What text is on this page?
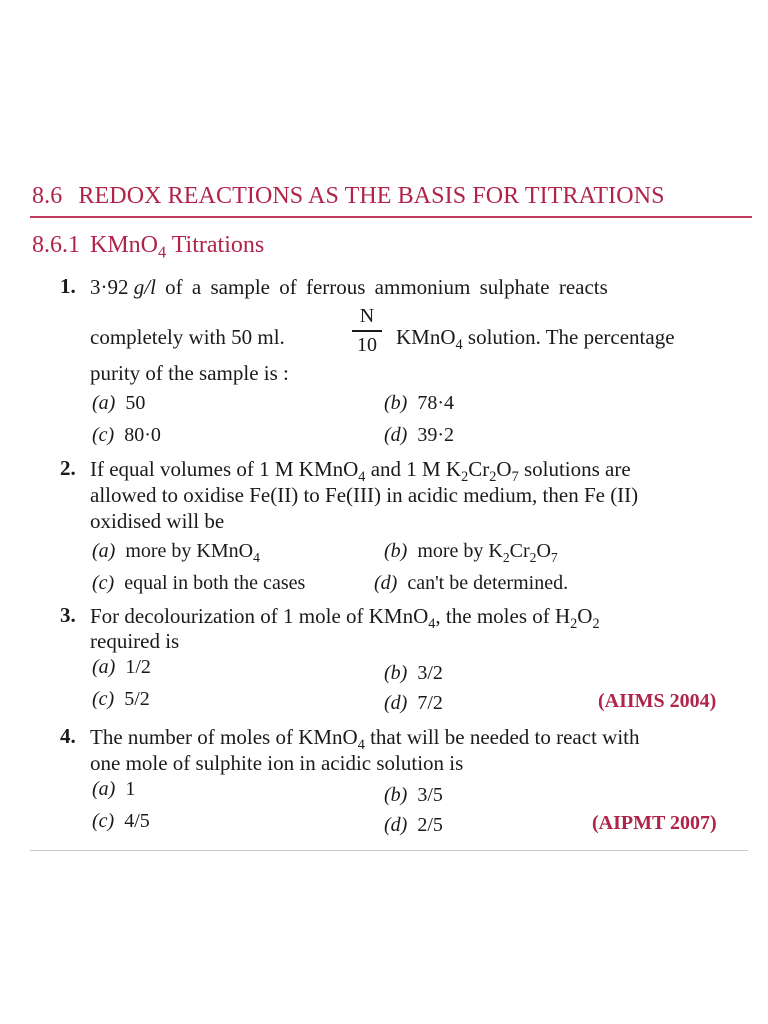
8.6 REDOX REACTIONS AS THE BASIS FOR TITRATIONS
8.6.1 KMnO$_4$ Titrations
1. 3·92 g/l of a sample of ferrous ammonium sulphate reacts
completely with 50 ml.
N
10 KMnO$_4$ solution. The percentage
purity of the sample is :
(a) 50	(b) 78·4
(c) 80·0	(d) 39·2
2. If equal volumes of 1 M KMnO$_4$ and 1 M $K_2Cr_2O_7$ solutions are
allowed to oxidise Fe(II) to Fe(III) in acidic medium, then Fe (II)
oxidised will be
(a) more by KMnO$_4$	(b) more by $K_2Cr_2O_7$
(c) equal in both the cases	(d) can't be determined.
3. For decolourization of 1 mole of KMnO$_4$, the moles of $H_2O_2$
required is
(a) 1/2	(b) 3/2
(c) 5/2	(d) 7/2	(AIIMS 2004)
4. The number of moles of KMnO$_4$ that will be needed to react with
one mole of sulphite ion in acidic solution is
(a) 1	(b) 3/5
(c) 4/5	(d) 2/5	(AIPMT 2007)
